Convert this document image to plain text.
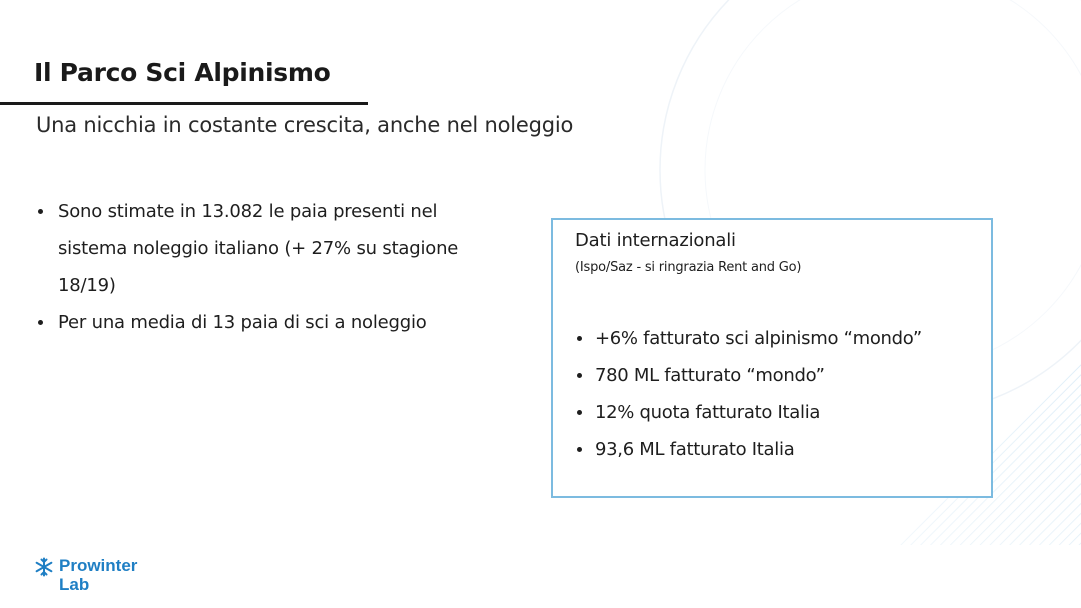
Il Parco Sci Alpinismo
Una nicchia in costante crescita, anche nel noleggio
Sono stimate in 13.082 le paia presenti nel sistema noleggio italiano (+ 27% su stagione 18/19)
Per una media di 13 paia di sci a noleggio
Dati internazionali
(Ispo/Saz - si ringrazia Rent and Go)
+6% fatturato sci alpinismo “mondo”
780 ML fatturato “mondo”
12% quota fatturato Italia
93,6 ML fatturato Italia
Prowinter
Lab
